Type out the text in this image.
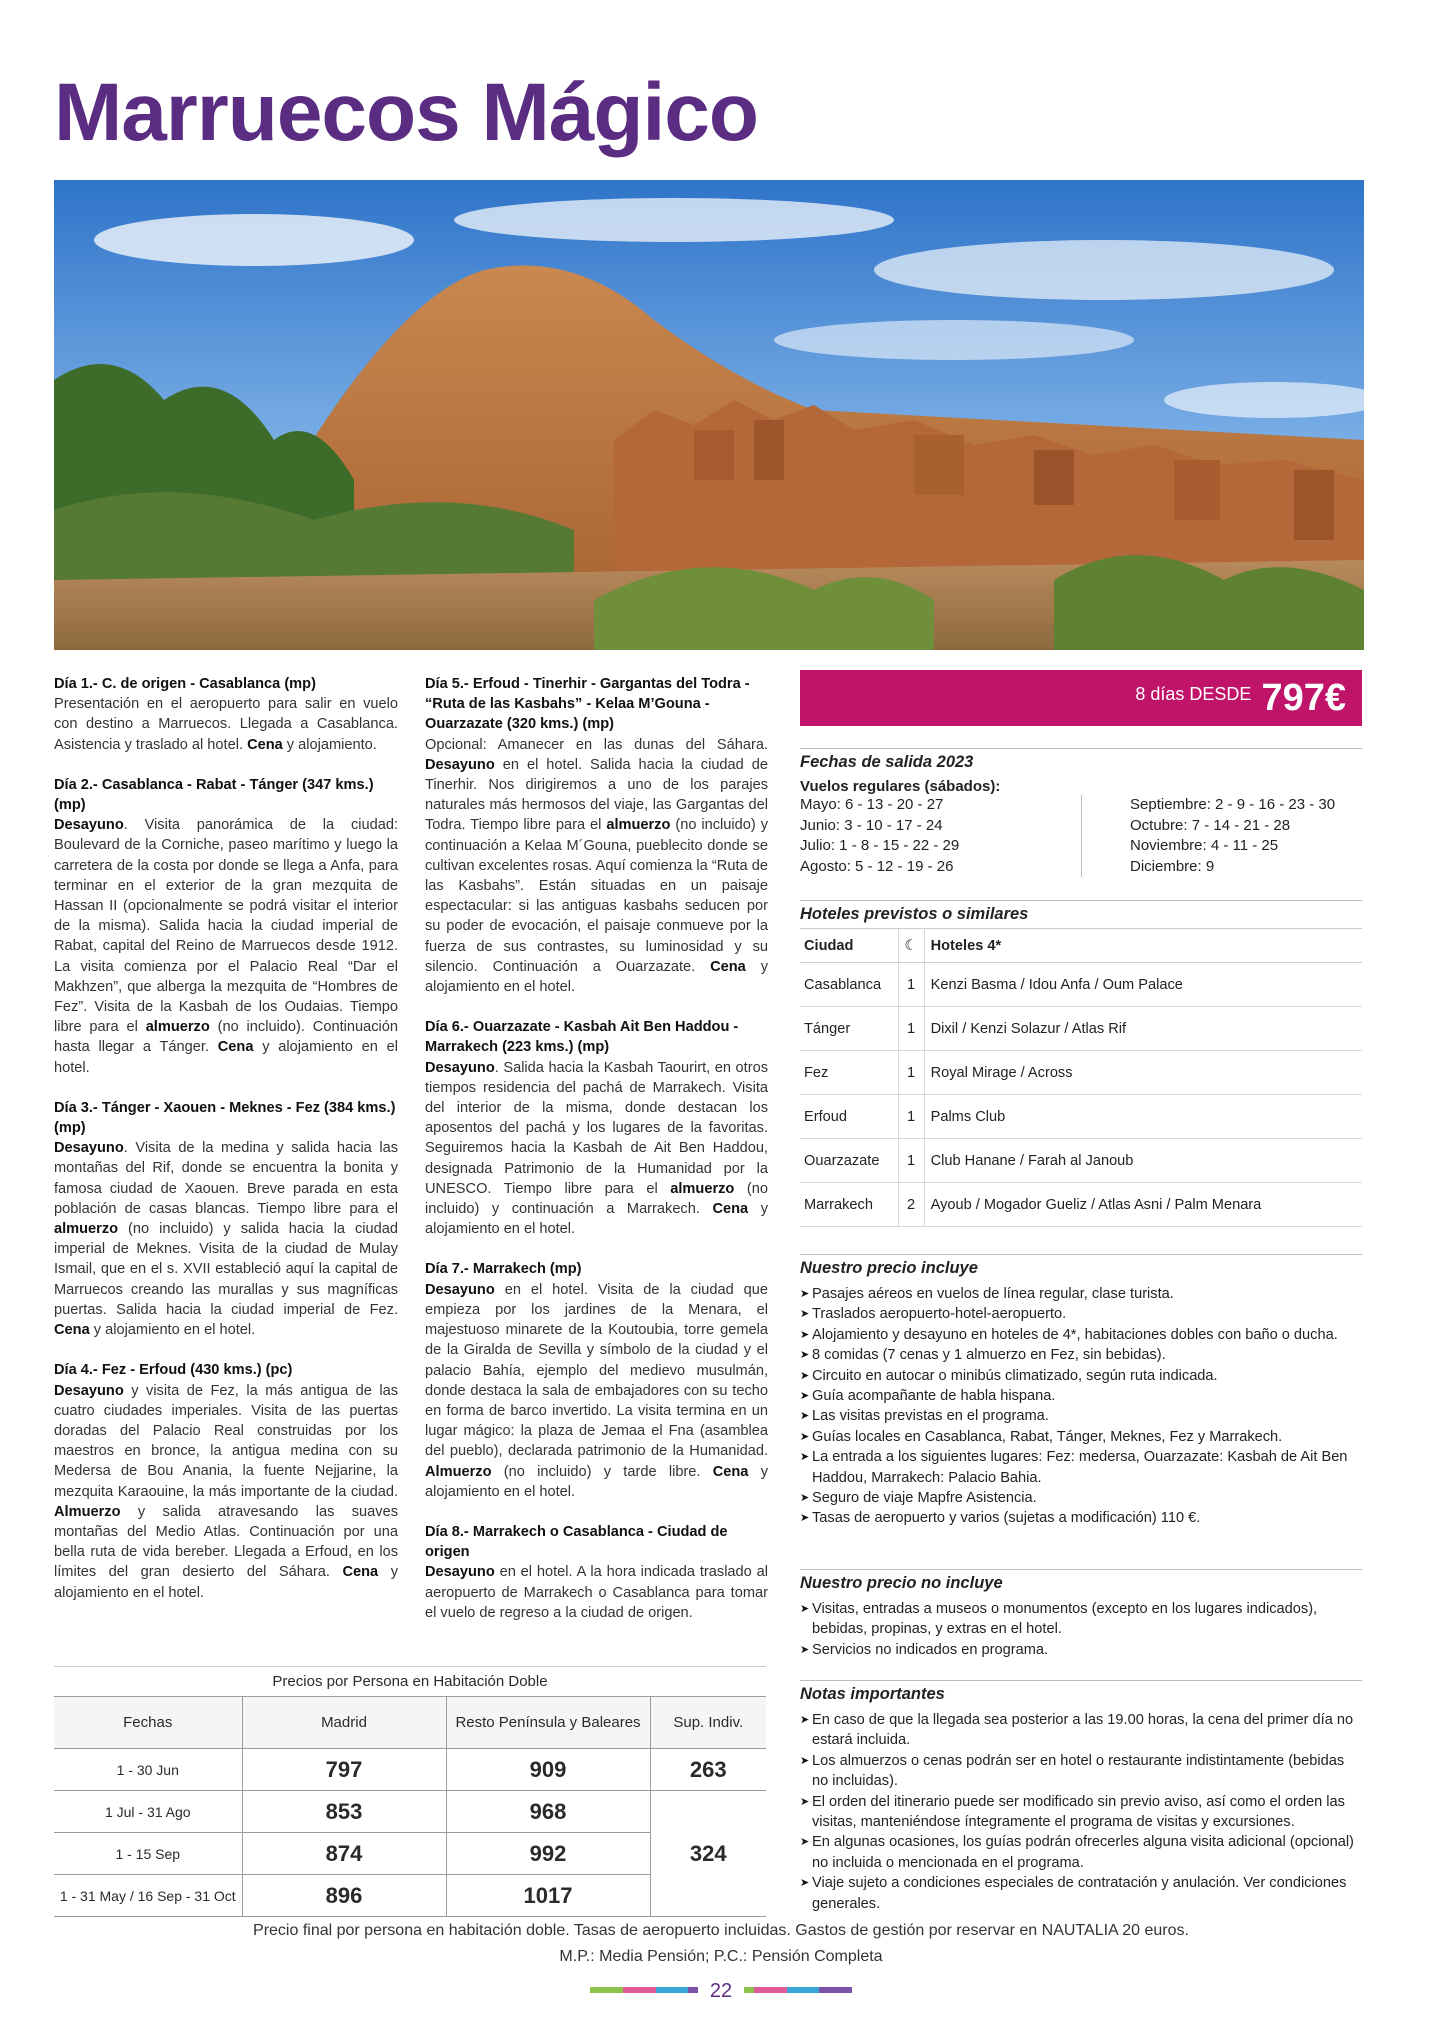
Marruecos Mágico
Día 1.- C. de origen - Casablanca (mp)

Presentación en el aeropuerto para salir en vuelo con destino a Marruecos. Llegada a Casablanca. Asistencia y traslado al hotel. Cena y alojamiento.

Día 2.- Casablanca - Rabat - Tánger (347 kms.) (mp)

Desayuno. Visita panorámica de la ciudad: Boulevard de la Corniche, paseo marítimo y luego la carretera de la costa por donde se llega a Anfa, para terminar en el exterior de la gran mezquita de Hassan II (opcionalmente se podrá visitar el interior de la misma). Salida hacia la ciudad imperial de Rabat, capital del Reino de Marruecos desde 1912. La visita comienza por el Palacio Real “Dar el Makhzen”, que alberga la mezquita de “Hombres de Fez”. Visita de la Kasbah de los Oudaias. Tiempo libre para el almuerzo (no incluido). Continuación hasta llegar a Tánger. Cena y alojamiento en el hotel.

Día 3.- Tánger - Xaouen - Meknes - Fez (384 kms.) (mp)

Desayuno. Visita de la medina y salida hacia las montañas del Rif, donde se encuentra la bonita y famosa ciudad de Xaouen. Breve parada en esta población de casas blancas. Tiempo libre para el almuerzo (no incluido) y salida hacia la ciudad imperial de Meknes. Visita de la ciudad de Mulay Ismail, que en el s. XVII estableció aquí la capital de Marruecos creando las murallas y sus magníficas puertas. Salida hacia la ciudad imperial de Fez. Cena y alojamiento en el hotel.

Día 4.- Fez - Erfoud (430 kms.) (pc)

Desayuno y visita de Fez, la más antigua de las cuatro ciudades imperiales. Visita de las puertas doradas del Palacio Real construidas por los maestros en bronce, la antigua medina con su Medersa de Bou Anania, la fuente Nejjarine, la mezquita Karaouine, la más importante de la ciudad. Almuerzo y salida atravesando las suaves montañas del Medio Atlas. Continuación por una bella ruta de vida bereber. Llegada a Erfoud, en los límites del gran desierto del Sáhara. Cena y alojamiento en el hotel.

Día 5.- Erfoud - Tinerhir - Gargantas del Todra - “Ruta de las Kasbahs” - Kelaa M’Gouna - Ouarzazate (320 kms.) (mp)

Opcional: Amanecer en las dunas del Sáhara. Desayuno en el hotel. Salida hacia la ciudad de Tinerhir. Nos dirigiremos a uno de los parajes naturales más hermosos del viaje, las Gargantas del Todra. Tiempo libre para el almuerzo (no incluido) y continuación a Kelaa M´Gouna, pueblecito donde se cultivan excelentes rosas. Aquí comienza la “Ruta de las Kasbahs”. Están situadas en un paisaje espectacular: si las antiguas kasbahs seducen por su poder de evocación, el paisaje conmueve por la fuerza de sus contrastes, su luminosidad y su silencio. Continuación a Ouarzazate. Cena y alojamiento en el hotel.

Día 6.- Ouarzazate - Kasbah Ait Ben Haddou - Marrakech (223 kms.) (mp)

Desayuno. Salida hacia la Kasbah Taourirt, en otros tiempos residencia del pachá de Marrakech. Visita del interior de la misma, donde destacan los aposentos del pachá y los lugares de la favoritas. Seguiremos hacia la Kasbah de Ait Ben Haddou, designada Patrimonio de la Humanidad por la UNESCO. Tiempo libre para el almuerzo (no incluido) y continuación a Marrakech. Cena y alojamiento en el hotel.

Día 7.- Marrakech (mp)

Desayuno en el hotel. Visita de la ciudad que empieza por los jardines de la Menara, el majestuoso minarete de la Koutoubia, torre gemela de la Giralda de Sevilla y símbolo de la ciudad y el palacio Bahía, ejemplo del medievo musulmán, donde destaca la sala de embajadores con su techo en forma de barco invertido. La visita termina en un lugar mágico: la plaza de Jemaa el Fna (asamblea del pueblo), declarada patrimonio de la Humanidad. Almuerzo (no incluido) y tarde libre. Cena y alojamiento en el hotel.

Día 8.- Marrakech o Casablanca - Ciudad de origen

Desayuno en el hotel. A la hora indicada traslado al aeropuerto de Marrakech o Casablanca para tomar el vuelo de regreso a la ciudad de origen.

8 días DESDE 797€
Fechas de salida 2023
Vuelos regulares (sábados):
Mayo: 6 - 13 - 20 - 27
Junio: 3 - 10 - 17 - 24
Julio: 1 - 8 - 15 - 22 - 29
Agosto: 5 - 12 - 19 - 26
Septiembre: 2 - 9 - 16 - 23 - 30
Octubre: 7 - 14 - 21 - 28
Noviembre: 4 - 11 - 25
Diciembre: 9
Hoteles previstos o similares
Ciudad	☾	Hoteles 4*
Casablanca	1	Kenzi Basma / Idou Anfa / Oum Palace
Tánger	1	Dixil / Kenzi Solazur / Atlas Rif
Fez	1	Royal Mirage / Across
Erfoud	1	Palms Club
Ouarzazate	1	Club Hanane / Farah al Janoub
Marrakech	2	Ayoub / Mogador Gueliz / Atlas Asni / Palm Menara
Nuestro precio incluye
➤ Pasajes aéreos en vuelos de línea regular, clase turista.
➤ Traslados aeropuerto-hotel-aeropuerto.
➤ Alojamiento y desayuno en hoteles de 4*, habitaciones dobles con baño o ducha.
➤ 8 comidas (7 cenas y 1 almuerzo en Fez, sin bebidas).
➤ Circuito en autocar o minibús climatizado, según ruta indicada.
➤ Guía acompañante de habla hispana.
➤ Las visitas previstas en el programa.
➤ Guías locales en Casablanca, Rabat, Tánger, Meknes, Fez y Marrakech.
➤ La entrada a los siguientes lugares: Fez: medersa, Ouarzazate: Kasbah de Ait Ben Haddou, Marrakech: Palacio Bahia.
➤ Seguro de viaje Mapfre Asistencia.
➤ Tasas de aeropuerto y varios (sujetas a modificación) 110 €.
Nuestro precio no incluye
➤ Visitas, entradas a museos o monumentos (excepto en los lugares indicados), bebidas, propinas, y extras en el hotel.
➤ Servicios no indicados en programa.
Notas importantes
➤ En caso de que la llegada sea posterior a las 19.00 horas, la cena del primer día no estará incluida.
➤ Los almuerzos o cenas podrán ser en hotel o restaurante indistintamente (bebidas no incluidas).
➤ El orden del itinerario puede ser modificado sin previo aviso, así como el orden las visitas, manteniéndose íntegramente el programa de visitas y excursiones.
➤ En algunas ocasiones, los guías podrán ofrecerles alguna visita adicional (opcional) no incluida o mencionada en el programa.
➤ Viaje sujeto a condiciones especiales de contratación y anulación. Ver condiciones generales.
Precios por Persona en Habitación Doble
Fechas	Madrid	Resto Península y Baleares	Sup. Indiv.
1 - 30 Jun	797	909	263
1 Jul - 31 Ago	853	968	324
1 - 15 Sep	874	992	
1 - 31 May / 16 Sep - 31 Oct	896	1017	
Precio final por persona en habitación doble. Tasas de aeropuerto incluidas. Gastos de gestión por reservar en NAUTALIA 20 euros.
M.P.: Media Pensión; P.C.: Pensión Completa
22
